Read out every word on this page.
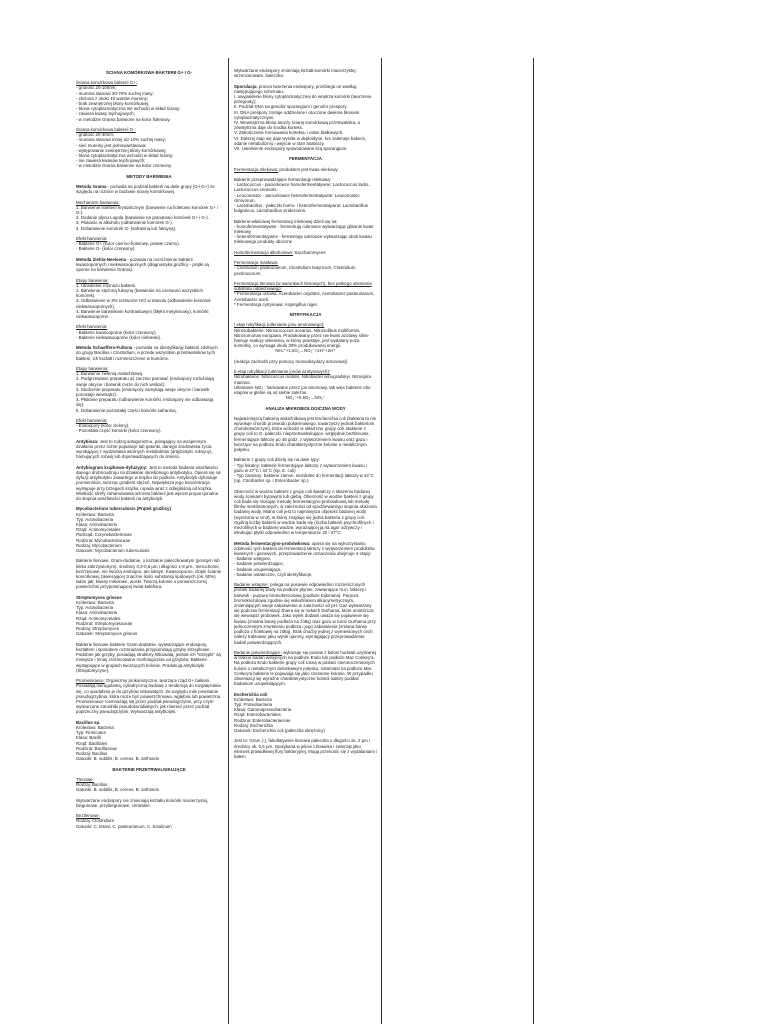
ŚCIANA KOMÓRKOWA BAKTERII G+ I G-

Ściana komórkowa bakterii G+:

- grubość 20-100nm;

- mureina stanowi 30-70% suchej masy;

- złożona z około 40 warstw mureiny;

- brak zewnętrznej błony komórkowej;

- błona cytoplazmatyczna nie wchodzi w skład ściany;

- zawiera kwasy tejchojowych;

- w metodzie Grama barwione na kolor fioletowy.

Ściana komórkowa bakterii G-:

- grubość 20-30nm;

- mureina stanowi mniej niż 10% suchej masy;

- sieć mureiny jest jednowarstwowa;

- wytępowanie zewnętrznej błony komórkowej;

- błona cytoplazmatyczna wchodzi w skład ściany;

- nie zawiera kwasów tejchojowych;

- w metodzie Grama barwione na kolor czerwony.

METODY BARWIENIA

Metoda Grama - pozwala na podział bakterii na dwie grupy (G-i G+) ze względu na różnice w budowie ściany komórkowej.

Mechanizm barwienia:

1. Barwienie fioletem krystalicznym (barwienie na fioletowo komórek G+ i G-).

2. Dodanie płynu Lugola (barwienie na granatowo komórek G+ i G-).

3. Płukanie w alkoholu (odbarwienie komórek G-).

4. Dobarwienie komórek G- (safraniną lub fuksyną).

Efekt barwienia:

- Bakterie G+ (kolor ciemno-fioletowy, prawie czarny).

- Bakterie G- (kolor czerwony).

Metoda Ziehla-Neelsena - pozwala na rozróżnienie bakterii kwasoopornych i niekwasoopornych (diagnostyka gruźlicy - prątki są oporne na barwienie Grama).

Etapy barwienia:

1. Utrwalenie rozmazu bakterii.

2. Barwienie stężoną fuksyną (barwienie na czerwono wszystkich komórek).

3. Odbarwienie w 3% roztworze HCl w etanolu (odbarwienie komórek niekwasoopornych).

4. Barwienie barwnikiem kontrastowym (błękit metylenowy); komórki niekwasooporne.

Efekt barwienia:

- Bakterie kwasooporne (kolor czerwony).

- Bakterie niekwasooporne (kolor niebieski).

Metoda Schaeffera-Fultona - pozwala na identyfikację bakterii zdolnych do grupy Bacillus i Clostridium, a przede wszystkim przetrwalników tych bakterii, ich kształt i rozmieszczenie w komórce.

Etapy barwienia:

1. Barwienie zielenią malachitową.

2. Podgrzewanie preparatu aż zacznie parować (endospory rozluźniają swoje okrycie i barwnik może do nich wnikać).

3. Studzenie preparatu (endospory zamykają swoje okrycie i barwnik pozostaje wewnątrz).

4. Płukanie preparatu (odbarwienie komórki, endospory nie odbarwiają się).

5. Dobarwienie pozostałej części komórki safraniną.

Efekt barwienia:

- Endospory (kolor zielony).

- Pozostała część komórki (kolor czerwony).

Antybioza: Jest to rodzaj antagonizmu, polegający na wzajemnym działaniu przez różne populacje lub gatunki, danego środowiska życia wynikającej z wydzielania wtórnych metabolitów (antybiotyki, toksyny), hamujących rozwój lub doprowadzających do śmierci.

Antybiogram krążkowo-dyfuzyjny: Jest to metoda badania wrażliwości danego drobnoustroju na działanie określonego antybiotyku. Opiera się na dyfuzji antybiotyku zawartego w krążku do podłoża. Antybiotyk dyfunduje promieniście, tworząc gradient stężeń. Największa jego koncentracja występuje przy brzegach krążka i spada wraz z odległością od krążka. Wielkość strefy zahamowania wzrostu bakterii jest wprost proporcjonalna do stopnia wrażliwości bakterii na antybiotyk.

Mycobacterium tuberculosis (Prątek gruźlicy)

Królestwo: Bacteria

Typ: Actinobacteria

Klasa: Actinobacteria

Rząd: Actinomycetales

Podrząd: Corynebacterineae

Rodzina: Mycobacteriaceae

Rodzaj: Mycobacterium

Gatunek: Mycobacterium tuberculosis

Bakterie tlenowe, Gram-dodatnie, o kształcie pałeczkowatym (prostym lub lekko zakrzywionym), średnicy 0,3-0,6 μm i długości 1-8 μm., nieruchome, bezrzęsowe, nie tworzą endospor, ani toksyn. Kwasooporne, dzięki ścianie komórkowej zawierającej znaczne ilości substancji lipidowych (ok. 60%) także jak: kwasy mikolowe, woski. Tworzą kolonie o pomarszczonej powierzchni przypominającej kwiat kalafiora.

Streptomyces griseus

Królestwo: Bacteria

Typ: Actinobacteria

Klasa: Actinobacteria

Rząd: Actinomycetales

Rodzina: Streptomycetaceae

Rodzaj: Streptomyces

Gatunek: Streptomyces griseus

Bakterie tlenowe bakterie Gram-dodatnie, wytwarzające endospory, kształtem i sposobem rozmnażania przypominają grzyby strzępkowe. Podobne jak grzyby, posiadają struktury nitkowatą, jednak ich "strzępki" są mniejsze i mniej zróżnicowane morfologicznie od grzybów. Bakterie występujące w grupach tworzących kolonie. Produkują antybiotyki (Streptomycyne).

Promieniowce: Organizmy prokariotyczne, tworzące rząd G+ bakterii. Posiadają nierugulatną, cylindryczną budowę z tendencją do rozgałęziania się, co upodabnia je do grzybów nitkowatych. Ze względu mile powstanie pseudogrzybnia, która może być powierzchniowa, wgłębna lub powietrzna. Promieniowce rozmnażają się przez podział pseudogrzybni, przy czym wytworzone zarodniki pseudokonidialnych, jak również przez podział poprzeczny pseudogrzybni. Wytwarzają antybiotyki.

Bacillus sp.

Królestwo: Bacteria

Typ: Firmicutes

Klasa: Bacilli

Rząd: Bacillales

Rodzina: Bacillaceae

Rodzaj: Bacillus

Gatunki: B. subtilis, B. cereus, B. anthracis

BAKTERIE PRZETRWALNIKUJĄCE

Tlenowe:

Rodzaj: Bacillus

Gatunki: B. subtilis, B. cereus, B. anthracis

Wytwarzane endospory nie zmieniają kształtu komórki macierzystej, biegunowe, przybiegunowe, centralne.

Beztlenowe:

Rodzaj: Clostridium

Gatunki: C. tetani, C. pasteurianum, C. botulinum

Wytwarzane endospory zmieniają kształt komórki macierzystej: wrzecionowate, bułeczka.

Sporulacja: proces tworzenia endospory, przebiega on według następującego schematu:

I. uwypuklenie błony cytoplazmatycznej do wnętrza komórki (tworzenie przegrody);

II. Podział DNA na genofor sporangium i genofor prespory.

III. DNA prespory zostaje oddzielone i otoczone dwiema błonami cytoplazmatycznymi.

IV. Wewnątrzna błona tworzy ścianę komórkową przetrwalnika, a zewnętrzna daje do środka korteks.

V. Zakończenie formowania korteksu i osłon białkowych.

VI. Dalszej etap się daje wyszła w deploidyne, kre zalemeje bakeric, udanie metabolizmu i wejście w stan anabiozy.

VII. Uwolnienie endospory spowodowane lizą sporangium.

FERMENTACJA

Fermentacja mlekowa: produktem jest kwas mlekowy

Bakterie przeprowadzające fermentację mlekową:

- Lactococcus - paciorkowce homofermentatywne: Lactococcus lactis, Lactococcus cremoris.

- Leuconostoc - paciorkowce heterofermentatywne: Leuconostoc citrovorum.

- Lactobacillus - pałeczki homo- i heterofermentatywne: Lactobacillus bulgaricus, Lactobacillus viridescens.

Bakterie-właściwej fermentacji mlekowej dzieli się na:

- homofermentatywne - fermentują cukrowce wytwarzając głównie kwas mlekowy

- heterofermentatywne - fermentują cukrowce wytwarzając obok kwasu mlekowego produkty uboczne

Homofermentacja alkoholowa: Saccharomyces

Fermentacja masłowa:

- Clostridium pasteurianum, Clostridium butyricum, Clostridium pectinovorum.

Fermentacja tlenowa (w warunkach tlenowych), bez pełnego utlenienia substratu oddechowego:

* Fermentacja octowa: Acetobacter oxydans, Acetobacter pasteurianum, Acetobacter aceti.

* Fermentacja cytrynowa: Aspergillus niger.

NITRYFIKACJA

I etap nitryfikacji (utlenianie jonu amonowego):

Nitrosobakterie: Nitrosococcus oceanus, Nitrosolibus multiformis, Nitrosomonas europaea. Produkowany przez nie kwas azotawy silnie hamuje reakcję utlenienia, w której powstaje, jest wydalany poza komórkę, co wymaga około 30% produkowanej energii.

NH₄⁺+1,5O₂→NO₂⁻+2H⁺+2H⁺

(reakcja zachodzi przy pomocy monooksydazy amonowej)

II etap nitryfikacji (utlenianie jonów azotynowych):

Nitrobakterie: Nitrococcus mobilis, Nitrobacter winogradskyi, Nitrospira marinus.

Utlenianie NO₂⁻ hamowane przez jon amonowy, tak więc bakterie obu etapów w glebie są od siebie zależne.

NO₂⁻+0,5O₂→NO₃⁻

ANALIZA MIKROBIOLOGICZNA WODY

Najważniejszą bakterią wskaźnikową jest Escherichia coli (bakteria ta nie wywołuje chorób przewodu pokarmowego, towarzyszy jednak bakteriom chorobotwórczym), która wchodzi w skład tzw. grupy coli. Bakterie z grupy coli to G- pałeczki, nieprzetrwalnikujące, względnie beztlenowe, fermentujące laktozę po 48 godz. z wytworzeniem kwasu oraz gazu i tworzące na podłożu Endo charakterystyczne kolonie o metalicznym połysku.

Bakterie z grupy coli dzielą się na dwie typy:

- Typ fekalny: bakterie fermentujące laktozę z wytworzeniem kwasu i gazu w 37°C i 44°C (np. E. coli)

- Typ zamiany: bakterie zienne, niezdolne do fermentacji laktozy w 44°C (np. Citrobacter sp. i Enterobacter sp.).

Obecność w wodzie bakterii z grupy coli świadczy o skażeniu badanej wody ściekami bytowymi lub glebą. Obecność w wodzie bakterii z grupy coli bada się stosując metodę fermentacyjno-probówkową lub metodę filtrów membranowych, w zależności od spodziewanego stopnia skażenia badanej wody. Miano coli jest to najmniejsza objętość badanej wody (wyrażona w cm3), w której znajduje się jedna bakteria z grupy coli. Ogólną liczbę bakterii w wodzie bada się (liczba bakterii psychrofilnych i mezofilnych w badanej wodzie, wyrażającej ją na agar odżywczy i inkubując płytki odpowiednio w temperaturze 20 i 37°C.

Metoda fermentacyjno-probówkowa: opiera się na wykorzystaniu zdolności tych bakterii do fermentacji laktozy z wytworzeniem produktów kwaśnych i gazowych, przeprowadzenie oznaczenia obejmuje 4 etapy:

- badanie wstępne,

- badanie potwierdzające,

- badanie uzupełniające,

- badanie ostateczne, czyli identyfikacje.

Badanie wstępne: polega na posiewie odpowiednio rozcieńczonych próbek badanej wody na podłoże płynne, zawierające m.in. laktozę i barwnik - purpurę bromokrezolową (podłoże Eijkmana). Purpura bromokrezolowa zgodnie się wskaźnikiem alkacymetrycznym, zmieniającym swoje zabarwienie w zależności od pH. Gaz wytwarzany się podczas fermentacji zbiera się w rurkach Durhama, które umieszcza się wewnątrz probówek. Jako wynik dodatni uważa się pojawienie się kwasu (zmiana barwy podłoża na żółtą) oraz gazu w rurce Durhama przy jednoczesnym zmętnieniu podłoża i jego zabarwienia (zmiana barwy podłoża z fioletowej na żółtą). Brak choćby jednej z wymienionych cech należy traktować jako wynik ujemny, wymagający przeprowadzenia badań potwierdzających.

Badanie potwierdzające: wykonuje się posiew z koloni hodowli uzyskanej w trakcie badań wstępnych na podłoże Endo lub podłoże Mac Conkey'a. Na podłożu Endo bakterie grupy coli rosną w postaci ciemnoczerwonych kolonii o metalicznym zielonkawym połysku, natomiast na podłożu Mac Conkey'a bakterie te pojawiają się jako czerwone kolonie. W przypadku obserwacji się wyraźne charakterystyczne kolonii należy poddać badaniom uzupełniającym.

Escherichia coli

Królestwo: Bacteria

Typ: Proteobacteria

Klasa: Gammaproteobacteria

Rząd: Enterobacteriales

Rodzina: Enterobacteriaceae

Rodzaj: Escherichia

Gatunek: Escherichia coli (pałeczka okrężnicy)

Jest to: Gram (-), fakultatywnie tlenowa pałeczka o długości ok. 2 µm i średnicy ok. 0,6 µm. Spotykana w jelicie człowieka i zwierząt jako element prawidłowej flory bakteryjnej. Mogą przenosić się z wydalaniami i kałem.
